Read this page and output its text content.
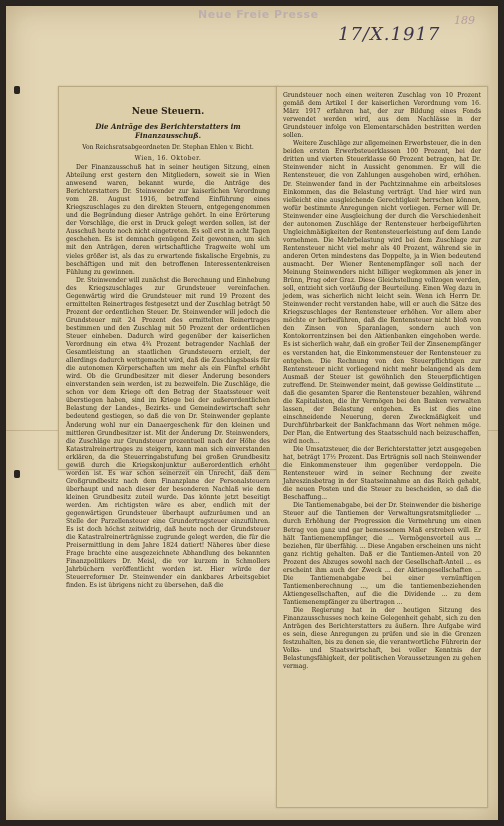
Neue Freie Presse
17/X.1917
189
Neue Steuern.
Die Anträge des Berichterstatters im Finanzausschuß.
Von Reichsratsabgeordneten Dr. Stephan Ehlen v. Bicht.
Wien, 16. Oktober.

Der Finanzausschuß hat in seiner heutigen Sitzung, einen Abteilung erst gestern den Mitgliedern, soweit sie in Wien anwesend waren, bekannt wurde, die Anträge des Berichterstatters Dr. Steinwender zur kaiserlichen Verordnung vom 28. August 1916, betreffend Einführung eines Kriegszuschlages zu den direkten Steuern, entgegengenommen und die Begründung dieser Anträge gehört. In eine Erörterung der Vorschläge, die erst in Druck gelegt werden sollen, ist der Ausschuß heute noch nicht eingetreten. Es soll erst in acht Tagen geschehen. Es ist demnach genügend Zeit gewonnen, um sich mit den Anträgen, deren wirtschaftliche Tragweite wohl um vieles größer ist, als das zu erwartende fiskalische Ergebnis, zu beschäftigen und mit den betroffenen Interessentenkreisen Fühlung zu gewinnen.

Dr. Steinwender will zunächst die Berechnung und Einhebung des Kriegszuschlages zur Grundsteuer vereinfachen. Gegenwärtig wird die Grundsteuer mit rund 19 Prozent des ermittelten Reinertrages festgesetzt und der Zuschlag beträgt 50 Prozent der ordentlichen Steuer. Dr. Steinwender will jedoch die Grundsteuer mit 24 Prozent des ermittelten Reinertrages bestimmen und den Zuschlag mit 50 Prozent der ordentlichen Steuer einheben. Dadurch wird gegenüber der kaiserlichen Verordnung ein etwa 4¾ Prozent betragender Nachlaß der Gesamtleistung an staatlichen Grundsteuern erzielt, der allerdings dadurch wettgemacht wird, daß die Zuschlagsbasis für die autonomen Körperschaften um mehr als ein Fünftel erhöht wird. Ob die Grundbesitzer mit dieser Änderung besonders einverstanden sein werden, ist zu bezweifeln. Die Zuschläge, die schon vor dem Kriege oft den Betrag der Staatssteuer weit überstiegen haben, sind im Kriege bei der außerordentlichen Belastung der Landes-, Bezirks- und Gemeindewirtschaft sehr bedeutend gestiegen, so daß die von Dr. Steinwender geplante Änderung wohl nur ein Danaergeschenk für den kleinen und mittleren Grundbesitzer ist. Mit der Änderung Dr. Steinwenders, die Zuschläge zur Grundsteuer prozentuell nach der Höhe des Katastralreinertrages zu steigern, kann man sich einverstanden erklären, da die Steuerringabstufung bei großen Grundbesitz gewiß durch die Kriegskonjunktur außerordentlich erhöht worden ist. Es war schon seinerzeit ein Unrecht, daß dem Großgrundbesitz nach dem Finanzplane der Personalsteuern überhaupt und nach dieser der besonderen Nachlaß wie dem kleinen Grundbesitz zuteil wurde. Das könnte jetzt beseitigt werden. Am richtigsten wäre es aber, endlich mit der gegenwärtigen Grundsteuer überhaupt aufzuräumen und an Stelle der Parzellensteuer eine Grundertragsteuer einzuführen. Es ist doch höchst zeitwidrig, daß heute noch der Grundsteuer die Katastralreinerträgnisse zugrunde gelegt werden, die für die Preisermittlung in dem Jahre 1824 datiert! Näheres über diese Frage brachte eine ausgezeichnete Abhandlung des bekannten Finanzpolitikers Dr. Meisl, die vor kurzem in Schmollers Jahrbüchern veröffentlicht worden ist. Hier würde der Steuerreformer Dr. Steinwender ein dankbares Arbeitsgebiet finden. Es ist übrigens nicht zu übersehen, daß die

Grundsteuer noch einen weiteren Zuschlag von 10 Prozent gemäß dem Artikel I der kaiserlichen Verordnung vom 16. März 1917 erfahren hat, der zur Bildung eines Fonds verwendet werden wird, aus dem Nachlässe in der Grundsteuer infolge von Elementarschäden bestritten werden sollen.

Weitere Zuschläge zur allgemeinen Erwerbsteuer, die in den beiden ersten Erwerbsteuerklassen 100 Prozent, bei der dritten und vierten Steuerklasse 60 Prozent betragen, hat Dr. Steinwender nicht in Aussicht genommen. Er will die Rentensteuer, die von Zahlungen ausgehoben wird, erhöhen. Dr. Steinwender fand in der Pachtzinnahme ein arbeitsloses Einkommen, das die Belastung verträgt. Und hier wird nun vielleicht eine ausgleichende Gerechtigkeit herrschen können, wofür bestimmte Anregungen nicht vorliegen. Ferner will Dr. Steinwender eine Ausgleichung der durch die Verschiedenheit der autonomen Zuschläge der Rentensteuer herbeigeführten Ungleichmäßigkeiten der Rentensteuerleistung auf dem Lande vornehmen. Die Mehrbelastung wird bei dem Zuschlage zur Rentensteuer nicht viel mehr als 40 Prozent, während sie in anderen Orten mindestens das Doppelte, ja in Wien bedeutend ausmacht. Der Wiener Rentenempfänger soll nach der Meinung Steinwenders nicht billiger wegkommen als jener in Brünn, Prag oder Graz. Diese Gleichstellung vollzogen werden, soll, entzieht sich vorläufig der Beurteilung. Einen Weg dazu in jedem, was sicherlich nicht leicht sein. Wenn ich Herrn Dr. Steinwender recht verstanden habe, will er auch die Sätze des Kriegszuschlages der Rentensteuer erhöhen. Vor allem aber möchte er herbeiführen, daß die Rentensteuer nicht bloß von den Zinsen von Sparanlagen, sondern auch von Kontokorrentzinsen bei den Aktienbanken eingehoben werde. Es ist sicherlich wahr, daß ein großer Teil der Zinsenempfänger es verstanden hat, die Einkommensteuer der Rentensteuer zu entgehen. Die Rechnung von den Steuerpflichtigen zur Rentensteuer nicht vorliegend nicht mehr belangend als dem Ausmaß der Steuer ist gewöhnlich den Steuerpflichtigen zutreffend. Dr. Steinwender meint, daß gewisse Geldinstitute ... daß die gesamten Sparer die Rentensteuer bezahlen, während die Kapitalisten, die ihr Vermögen bei den Banken verwalten lassen, der Belastung entgehen. Es ist dies eine einschneidende Neuerung, deren Zweckmäßigkeit und Durchführbarkeit der Bankfachmann das Wort nehmen möge. Der Plan, die Entwertung des Staatsschuld nach beizuschaffen, wird noch...

Die Umsatzsteuer, die der Berichterstatter jetzt ausgegeben hat, beträgt 17½ Prozent. Das Erträgnis soll nach Steinwender die Einkommensteuer ihm gegenüber verdoppeln. Die Rentensteuer wird in seiner Rechnung der zweite Jahreszinsbetrag in der Staatseinnahme an das Reich gehabt, die neuen Posten und die Steuer zu bescheiden, so daß die Beschaffung...

Die Tantiemenabgabe, bei der Dr. Steinwender die bisherige Steuer auf die Tantiemen der Verwaltungsratsmitglieder ... durch Erhöhung der Progression die Vermehrung um einen Betrag von ganz und gar bemessenem Maß erstreben will. Er hält Tantiemenempfänger, die ... Vermögensvorteil aus ... beziehen, für überfähig. ... Diese Angaben erscheinen uns nicht ganz richtig gehalten. Daß er die Tantiemen-Anteil von 20 Prozent des Abzuges sowohl nach der Gesellschaft-Anteil ... es erscheint ihm auch der Zweck ... der Aktiengesellschaften ... Die Tantiemenabgabe bei einer vernünftigen Tantiemenberechnung ..., um die tantiemenbeziehenden Aktiengesellschaften, auf die die Dividende ... zu dem Tantiemenempfänger zu übertragen ...

Die Regierung hat in der heutigen Sitzung des Finanzausschusses noch keine Gelegenheit gehabt, sich zu den Anträgen des Berichterstatters zu äußern. Ihre Aufgabe wird es sein, diese Anregungen zu prüfen und sie in die Grenzen festzuhalten, bis zu denen sie, die verantwortliche Führerin der Volks- und Staatswirtschaft, bei voller Kenntnis der Belastungsfähigkeit, der politischen Voraussetzungen zu gehen vermag.
